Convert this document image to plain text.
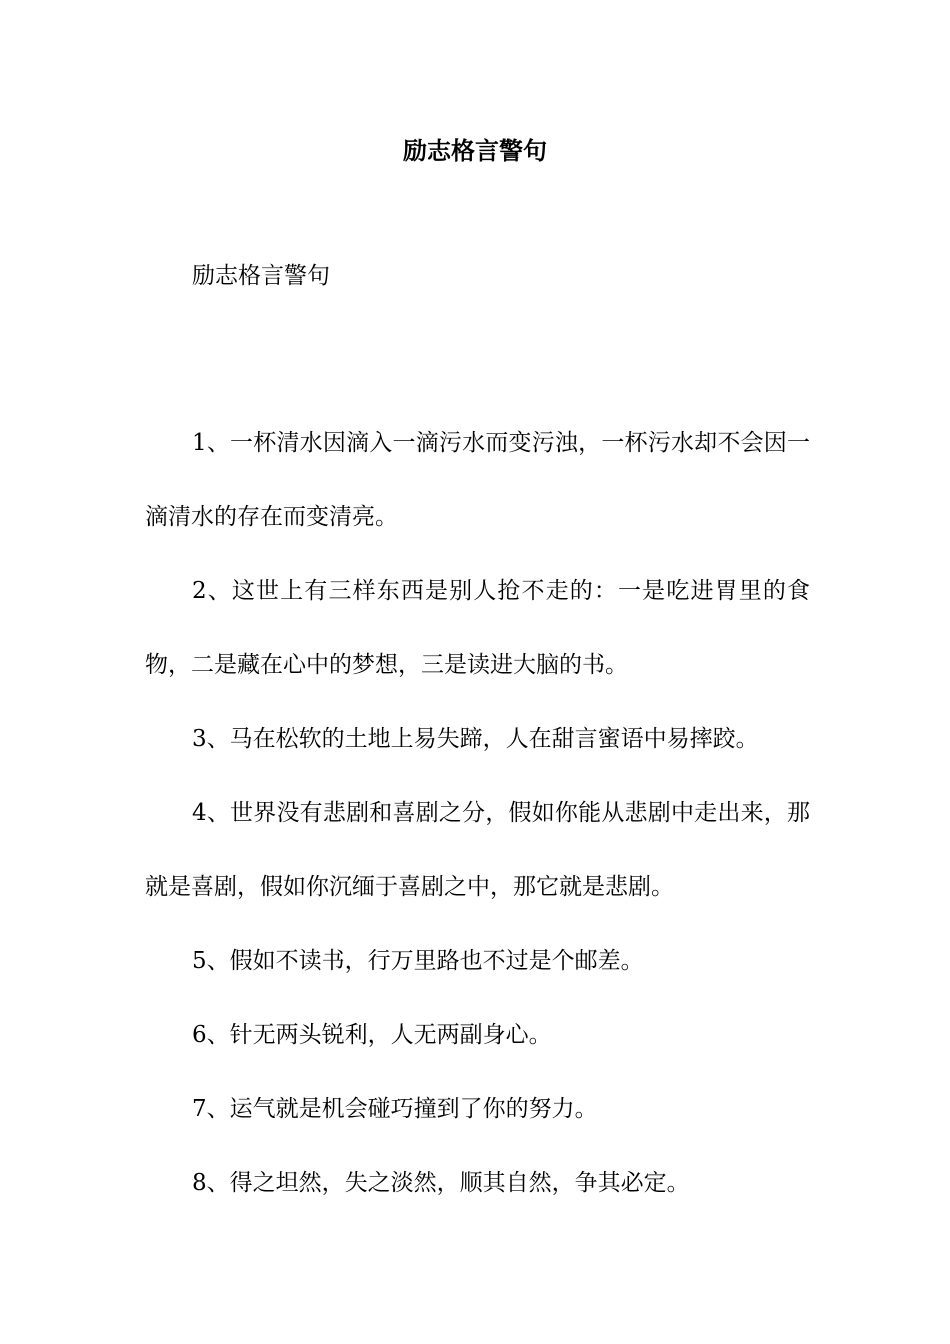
励志格言警句
励志格言警句

1、一杯清水因滴入一滴污水而变污浊，一杯污水却不会因一滴清水的存在而变清亮。

2、这世上有三样东西是别人抢不走的：一是吃进胃里的食物，二是藏在心中的梦想，三是读进大脑的书。

3、马在松软的土地上易失蹄，人在甜言蜜语中易摔跤。

4、世界没有悲剧和喜剧之分，假如你能从悲剧中走出来，那就是喜剧，假如你沉缅于喜剧之中，那它就是悲剧。

5、假如不读书，行万里路也不过是个邮差。

6、针无两头锐利，人无两副身心。

7、运气就是机会碰巧撞到了你的努力。

8、得之坦然，失之淡然，顺其自然，争其必定。
